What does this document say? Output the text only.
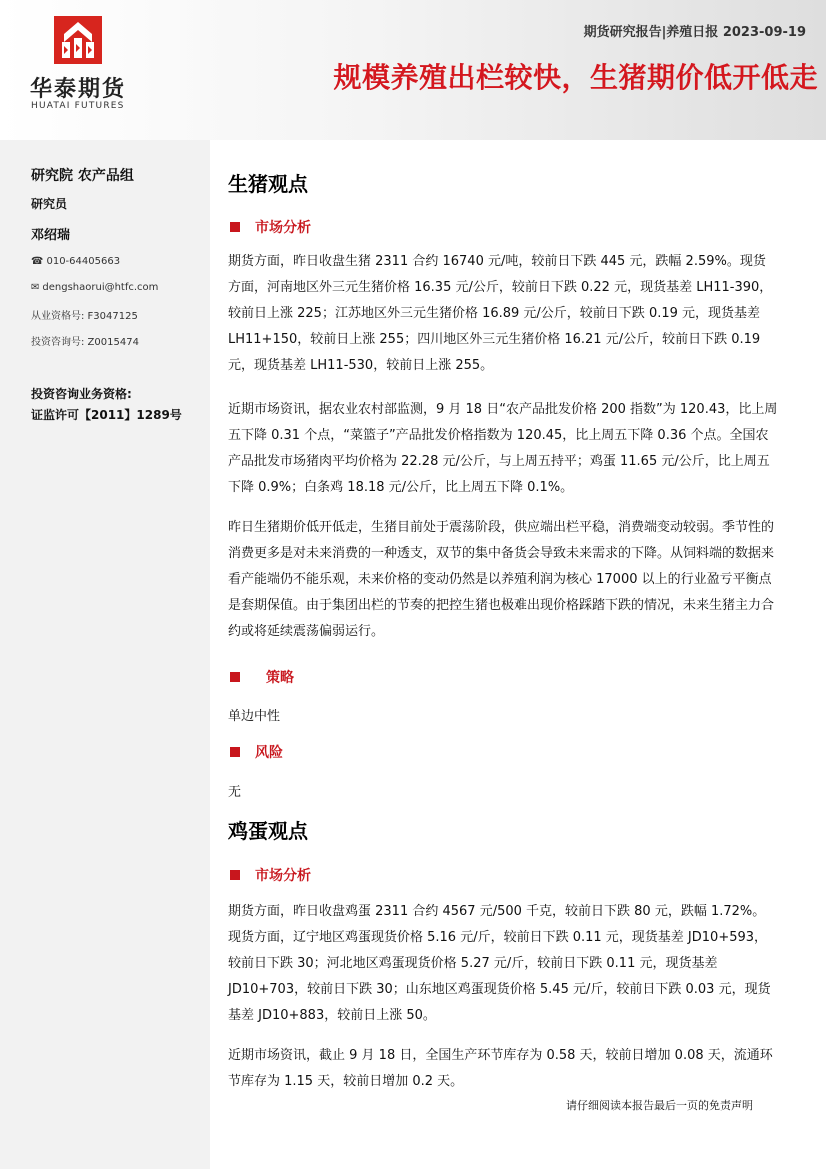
华泰期货
HUATAI FUTURES
期货研究报告|养殖日报 2023-09-19
规模养殖出栏较快，生猪期价低开低走
研究院 农产品组
研究员
邓绍瑞
☎ 010-64405663
✉ dengshaorui@htfc.com
从业资格号: F3047125
投资咨询号: Z0015474
投资咨询业务资格:
证监许可【2011】1289号
生猪观点
市场分析
期货方面，昨日收盘生猪 2311 合约 16740 元/吨，较前日下跌 445 元，跌幅 2.59%。现货方面，河南地区外三元生猪价格 16.35 元/公斤，较前日下跌 0.22 元，现货基差 LH11-390，较前日上涨 225；江苏地区外三元生猪价格 16.89 元/公斤，较前日下跌 0.19 元，现货基差 LH11+150，较前日上涨 255；四川地区外三元生猪价格 16.21 元/公斤，较前日下跌 0.19 元，现货基差 LH11-530，较前日上涨 255。
近期市场资讯，据农业农村部监测，9 月 18 日“农产品批发价格 200 指数”为 120.43，比上周五下降 0.31 个点，“菜篮子”产品批发价格指数为 120.45，比上周五下降 0.36 个点。全国农产品批发市场猪肉平均价格为 22.28 元/公斤，与上周五持平；鸡蛋 11.65 元/公斤，比上周五下降 0.9%；白条鸡 18.18 元/公斤，比上周五下降 0.1%。
昨日生猪期价低开低走，生猪目前处于震荡阶段，供应端出栏平稳，消费端变动较弱。季节性的消费更多是对未来消费的一种透支，双节的集中备货会导致未来需求的下降。从饲料端的数据来看产能端仍不能乐观，未来价格的变动仍然是以养殖利润为核心 17000 以上的行业盈亏平衡点是套期保值。由于集团出栏的节奏的把控生猪也极难出现价格踩踏下跌的情况，未来生猪主力合约或将延续震荡偏弱运行。
策略
单边中性
风险
无
鸡蛋观点
市场分析
期货方面，昨日收盘鸡蛋 2311 合约 4567 元/500 千克，较前日下跌 80 元，跌幅 1.72%。现货方面，辽宁地区鸡蛋现货价格 5.16 元/斤，较前日下跌 0.11 元，现货基差 JD10+593，较前日下跌 30；河北地区鸡蛋现货价格 5.27 元/斤，较前日下跌 0.11 元，现货基差 JD10+703，较前日下跌 30；山东地区鸡蛋现货价格 5.45 元/斤，较前日下跌 0.03 元，现货基差 JD10+883，较前日上涨 50。
近期市场资讯，截止 9 月 18 日，全国生产环节库存为 0.58 天，较前日增加 0.08 天，流通环节库存为 1.15 天，较前日增加 0.2 天。
请仔细阅读本报告最后一页的免责声明
